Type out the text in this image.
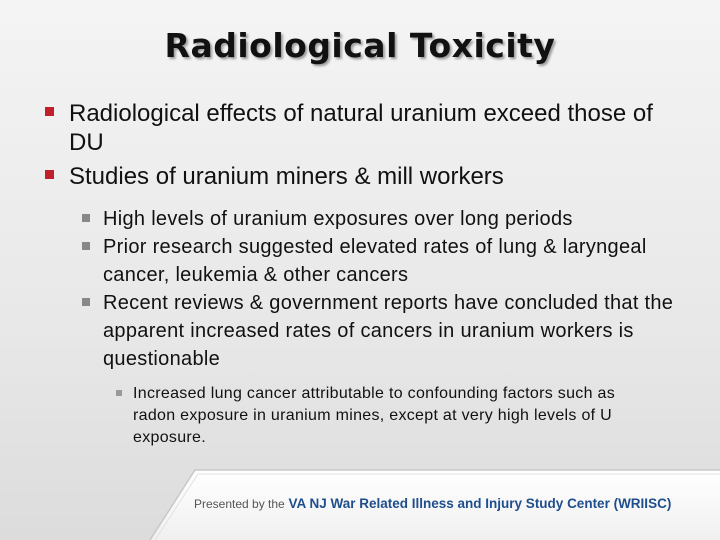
Radiological Toxicity
Radiological effects of natural uranium exceed those of DU
Studies of uranium miners & mill workers
High levels of uranium exposures over long periods
Prior research suggested elevated rates of lung & laryngeal cancer, leukemia & other cancers
Recent reviews & government reports have concluded that the apparent increased rates of cancers in uranium workers is questionable
Increased lung cancer attributable to confounding factors such as radon exposure in uranium mines, except at very high levels of U exposure.
Presented by the VA NJ War Related Illness and Injury Study Center (WRIISC)
